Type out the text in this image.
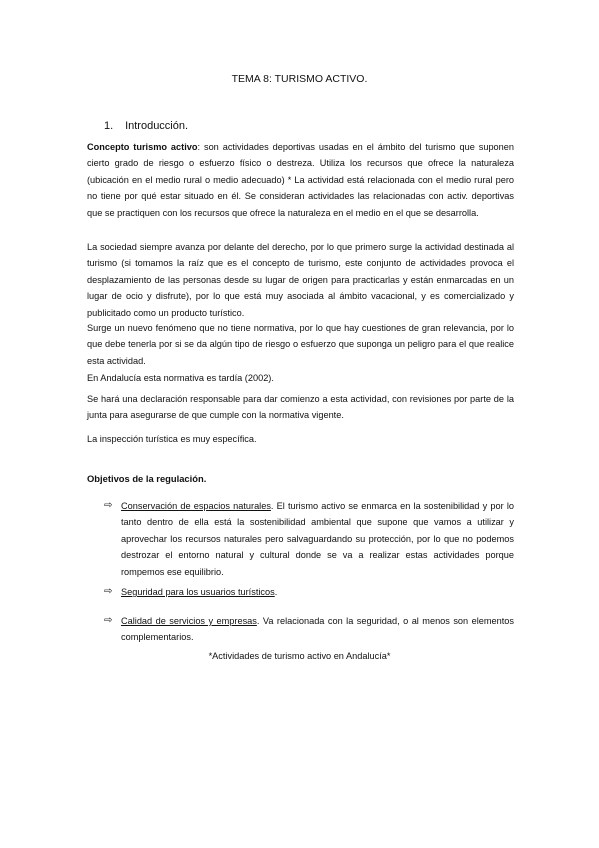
TEMA 8: TURISMO ACTIVO.
1. Introducción.
Concepto turismo activo: son actividades deportivas usadas en el ámbito del turismo que suponen cierto grado de riesgo o esfuerzo físico o destreza. Utiliza los recursos que ofrece la naturaleza (ubicación en el medio rural o medio adecuado) * La actividad está relacionada con el medio rural pero no tiene por qué estar situado en él. Se consideran actividades las relacionadas con activ. deportivas que se practiquen con los recursos que ofrece la naturaleza en el medio en el que se desarrolla.
La sociedad siempre avanza por delante del derecho, por lo que primero surge la actividad destinada al turismo (si tomamos la raíz que es el concepto de turismo, este conjunto de actividades provoca el desplazamiento de las personas desde su lugar de origen para practicarlas y están enmarcadas en un lugar de ocio y disfrute), por lo que está muy asociada al ámbito vacacional, y es comercializado y publicitado como un producto turístico.
Surge un nuevo fenómeno que no tiene normativa, por lo que hay cuestiones de gran relevancia, por lo que debe tenerla por si se da algún tipo de riesgo o esfuerzo que suponga un peligro para el que realice esta actividad.
En Andalucía esta normativa es tardía (2002).
Se hará una declaración responsable para dar comienzo a esta actividad, con revisiones por parte de la junta para asegurarse de que cumple con la normativa vigente.
La inspección turística es muy específica.
Objetivos de la regulación.
⇨ Conservación de espacios naturales. El turismo activo se enmarca en la sostenibilidad y por lo tanto dentro de ella está la sostenibilidad ambiental que supone que vamos a utilizar y aprovechar los recursos naturales pero salvaguardando su protección, por lo que no podemos destrozar el entorno natural y cultural donde se va a realizar estas actividades porque rompemos ese equilibrio.
⇨ Seguridad para los usuarios turísticos.
⇨ Calidad de servicios y empresas. Va relacionada con la seguridad, o al menos son elementos complementarios.
*Actividades de turismo activo en Andalucía*
